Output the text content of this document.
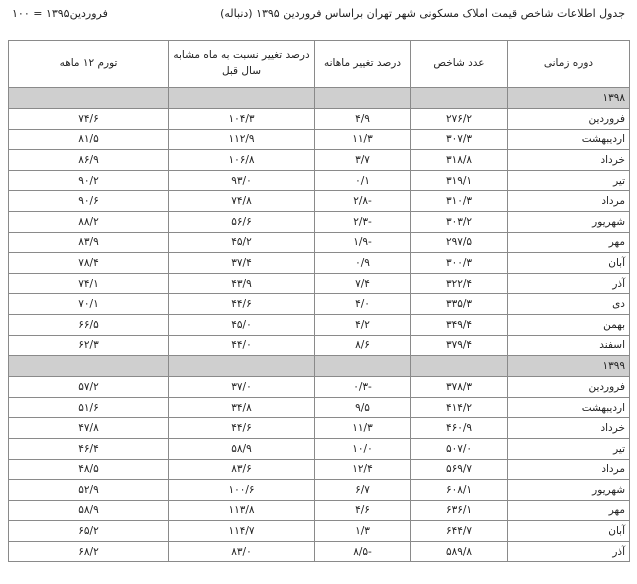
جدول اطلاعات شاخص قیمت املاک مسکونی شهر تهران براساس فروردین ۱۳۹۵ (دنباله)
فروردین۱۳۹۵ = ۱۰۰
دوره زمانی	عدد شاخص	درصد تغییر ماهانه	درصد تغییر نسبت به ماه مشابه سال قبل	تورم ۱۲ ماهه
۱۳۹۸				
فروردین	۲۷۶/۲	۴/۹	۱۰۴/۳	۷۴/۶
اردیبهشت	۳۰۷/۳	۱۱/۳	۱۱۲/۹	۸۱/۵
خرداد	۳۱۸/۸	۳/۷	۱۰۶/۸	۸۶/۹
تیر	۳۱۹/۱	۰/۱	۹۳/۰	۹۰/۲
مرداد	۳۱۰/۳	-۲/۸	۷۴/۸	۹۰/۶
شهریور	۳۰۳/۲	-۲/۳	۵۶/۶	۸۸/۲
مهر	۲۹۷/۵	-۱/۹	۴۵/۲	۸۳/۹
آبان	۳۰۰/۳	۰/۹	۳۷/۴	۷۸/۴
آذر	۳۲۲/۴	۷/۴	۴۳/۹	۷۴/۱
دی	۳۳۵/۳	۴/۰	۴۴/۶	۷۰/۱
بهمن	۳۴۹/۴	۴/۲	۴۵/۰	۶۶/۵
اسفند	۳۷۹/۴	۸/۶	۴۴/۰	۶۲/۳
۱۳۹۹				
فروردین	۳۷۸/۳	-۰/۳	۳۷/۰	۵۷/۲
اردیبهشت	۴۱۴/۲	۹/۵	۳۴/۸	۵۱/۶
خرداد	۴۶۰/۹	۱۱/۳	۴۴/۶	۴۷/۸
تیر	۵۰۷/۰	۱۰/۰	۵۸/۹	۴۶/۴
مرداد	۵۶۹/۷	۱۲/۴	۸۳/۶	۴۸/۵
شهریور	۶۰۸/۱	۶/۷	۱۰۰/۶	۵۲/۹
مهر	۶۳۶/۱	۴/۶	۱۱۳/۸	۵۸/۹
آبان	۶۴۴/۷	۱/۳	۱۱۴/۷	۶۵/۲
آذر	۵۸۹/۸	-۸/۵	۸۳/۰	۶۸/۲
